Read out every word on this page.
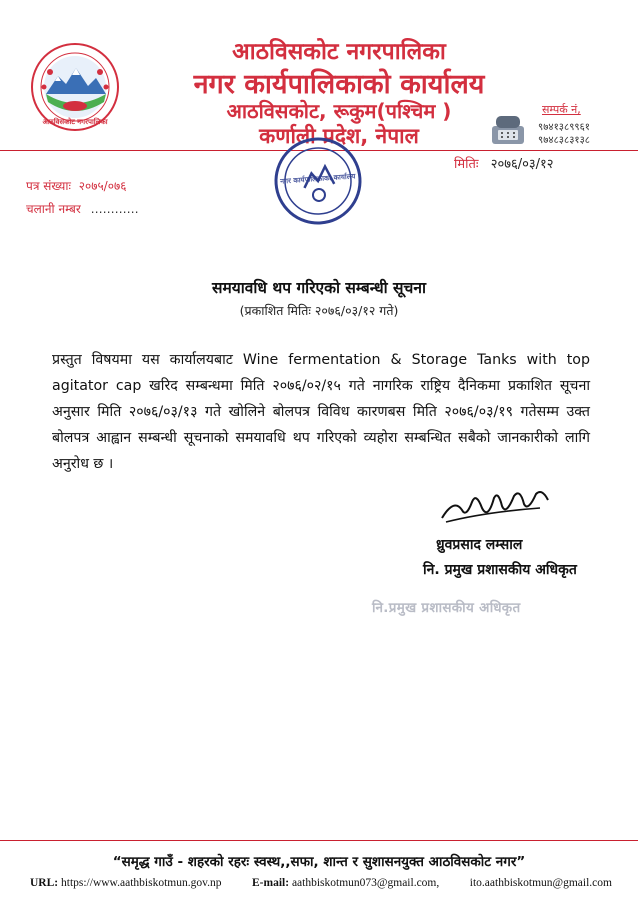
आठविसकोट नगरपालिका
आठविसकोट नगरपालिका
नगर कार्यपालिकाको कार्यालय
आठविसकोट, रूकुम(पश्चिम )
कर्णाली प्रदेश, नेपाल
सम्पर्क नं,
९७४१३८९९६१
९७४८३८३१३८
मितिः २०७६/०३/१२
पत्र संख्याः २०७५/०७६
चलानी नम्बर …………
नगर कार्यपालिकाको कार्यालय
समयावधि थप गरिएको सम्बन्धी सूचना
(प्रकाशित मितिः २०७६/०३/१२ गते)
प्रस्तुत विषयमा यस कार्यालयबाट Wine fermentation & Storage Tanks with top agitator cap खरिद सम्बन्धमा मिति २०७६/०२/१५ गते नागरिक राष्ट्रिय दैनिकमा प्रकाशित सूचना अनुसार मिति २०७६/०३/१३ गते खोलिने बोलपत्र विविध कारणबस मिति २०७६/०३/१९ गतेसम्म उक्त बोलपत्र आह्वान सम्बन्धी सूचनाको समयावधि थप गरिएको व्यहोरा सम्बन्धित सबैको जानकारीको लागि अनुरोध छ ।
ध्रुवप्रसाद लम्साल
नि. प्रमुख प्रशासकीय अधिकृत
नि.प्रमुख प्रशासकीय अधिकृत
“समृद्ध गाउँ - शहरको रहरः स्वस्थ,,सफा, शान्त र सुशासनयुक्त आठविसकोट नगर”
URL: https://www.aathbiskotmun.gov.np	E-mail: aathbiskotmun073@gmail.com,	ito.aathbiskotmun@gmail.com
